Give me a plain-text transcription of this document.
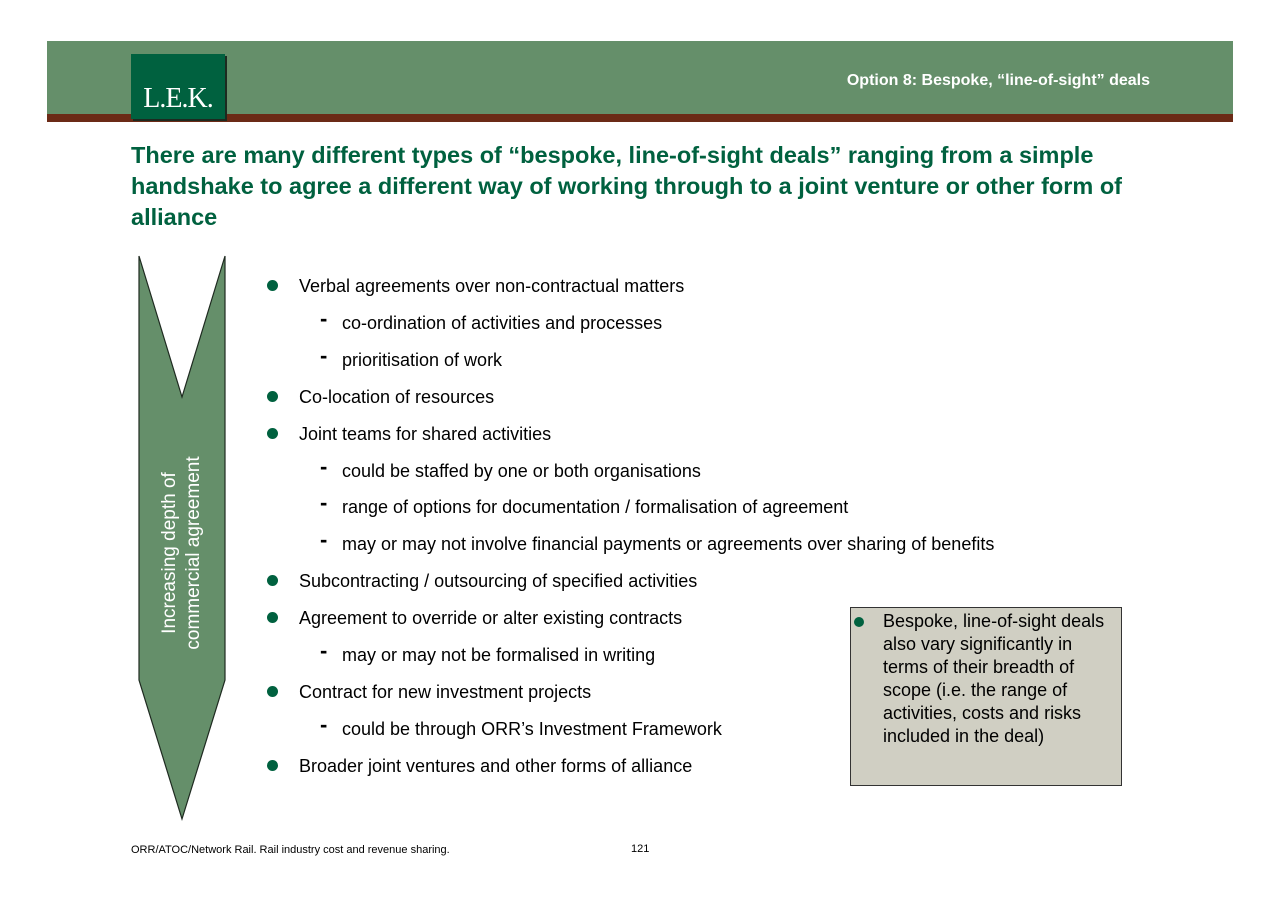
L.E.K.
Option 8: Bespoke, “line-of-sight” deals
There are many different types of “bespoke, line-of-sight deals” ranging from a simple handshake to agree a different way of working through to a joint venture or other form of alliance
Increasing depth of commercial agreement
Verbal agreements over non-contractual matters
- co-ordination of activities and processes
- prioritisation of work
Co-location of resources
Joint teams for shared activities
- could be staffed by one or both organisations
- range of options for documentation / formalisation of agreement
- may or may not involve financial payments or agreements over sharing of benefits
Subcontracting / outsourcing of specified activities
Agreement to override or alter existing contracts
- may or may not be formalised in writing
Contract for new investment projects
- could be through ORR’s Investment Framework
Broader joint ventures and other forms of alliance

Bespoke, line-of-sight deals also vary significantly in terms of their breadth of scope (i.e. the range of activities, costs and risks included in the deal)

ORR/ATOC/Network Rail. Rail industry cost and revenue sharing.	121
